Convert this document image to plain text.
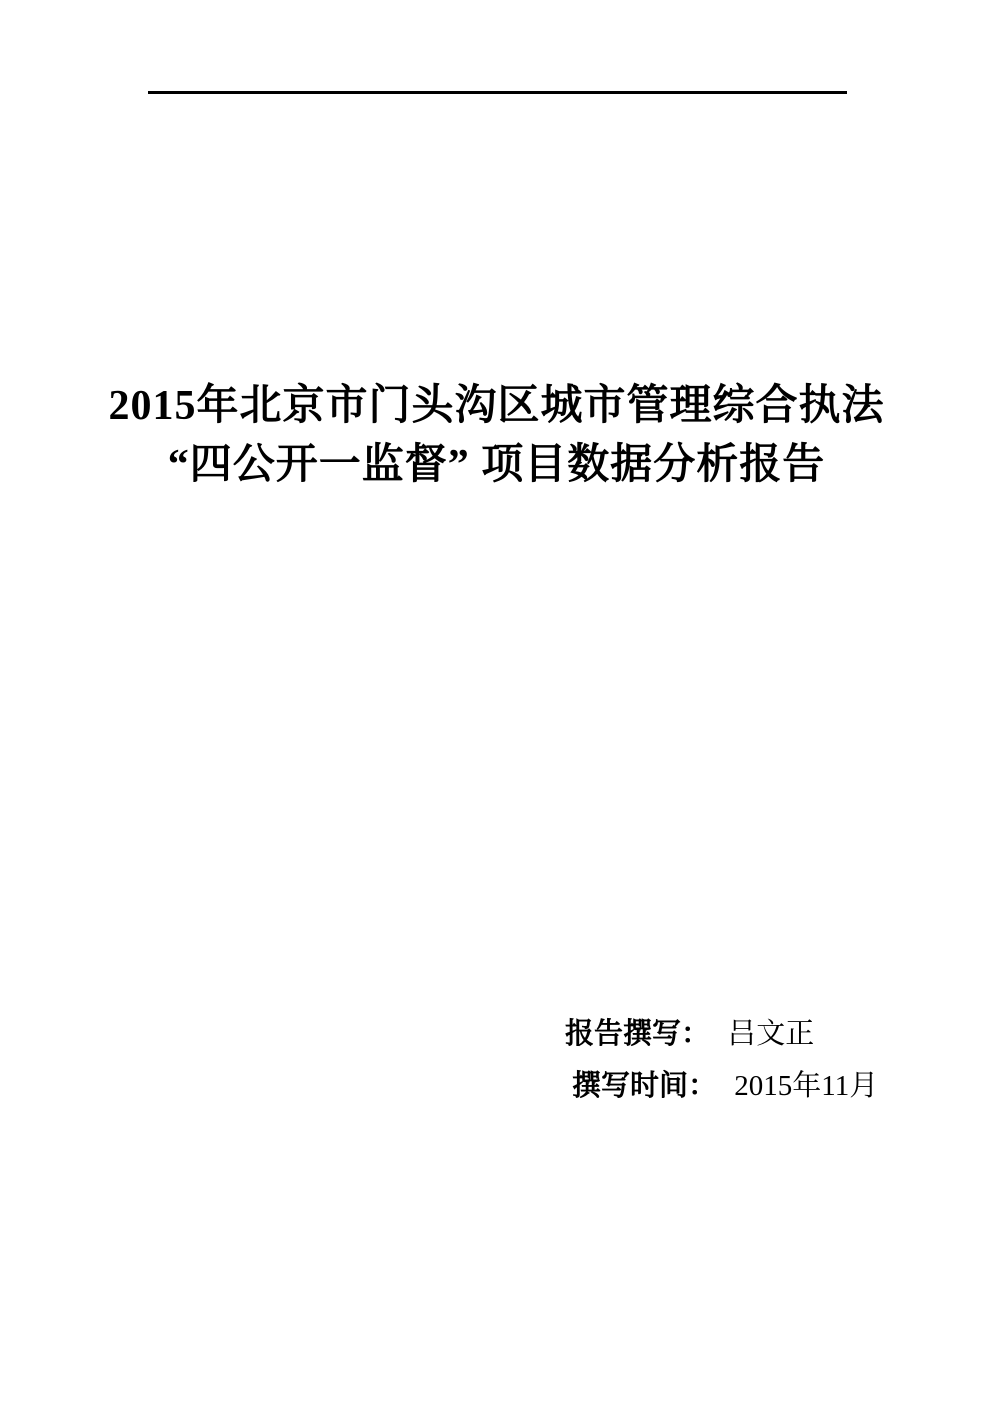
2015年北京市门头沟区城市管理综合执法
“四公开一监督” 项目数据分析报告
报告撰写： 吕文正
撰写时间： 2015年11月
